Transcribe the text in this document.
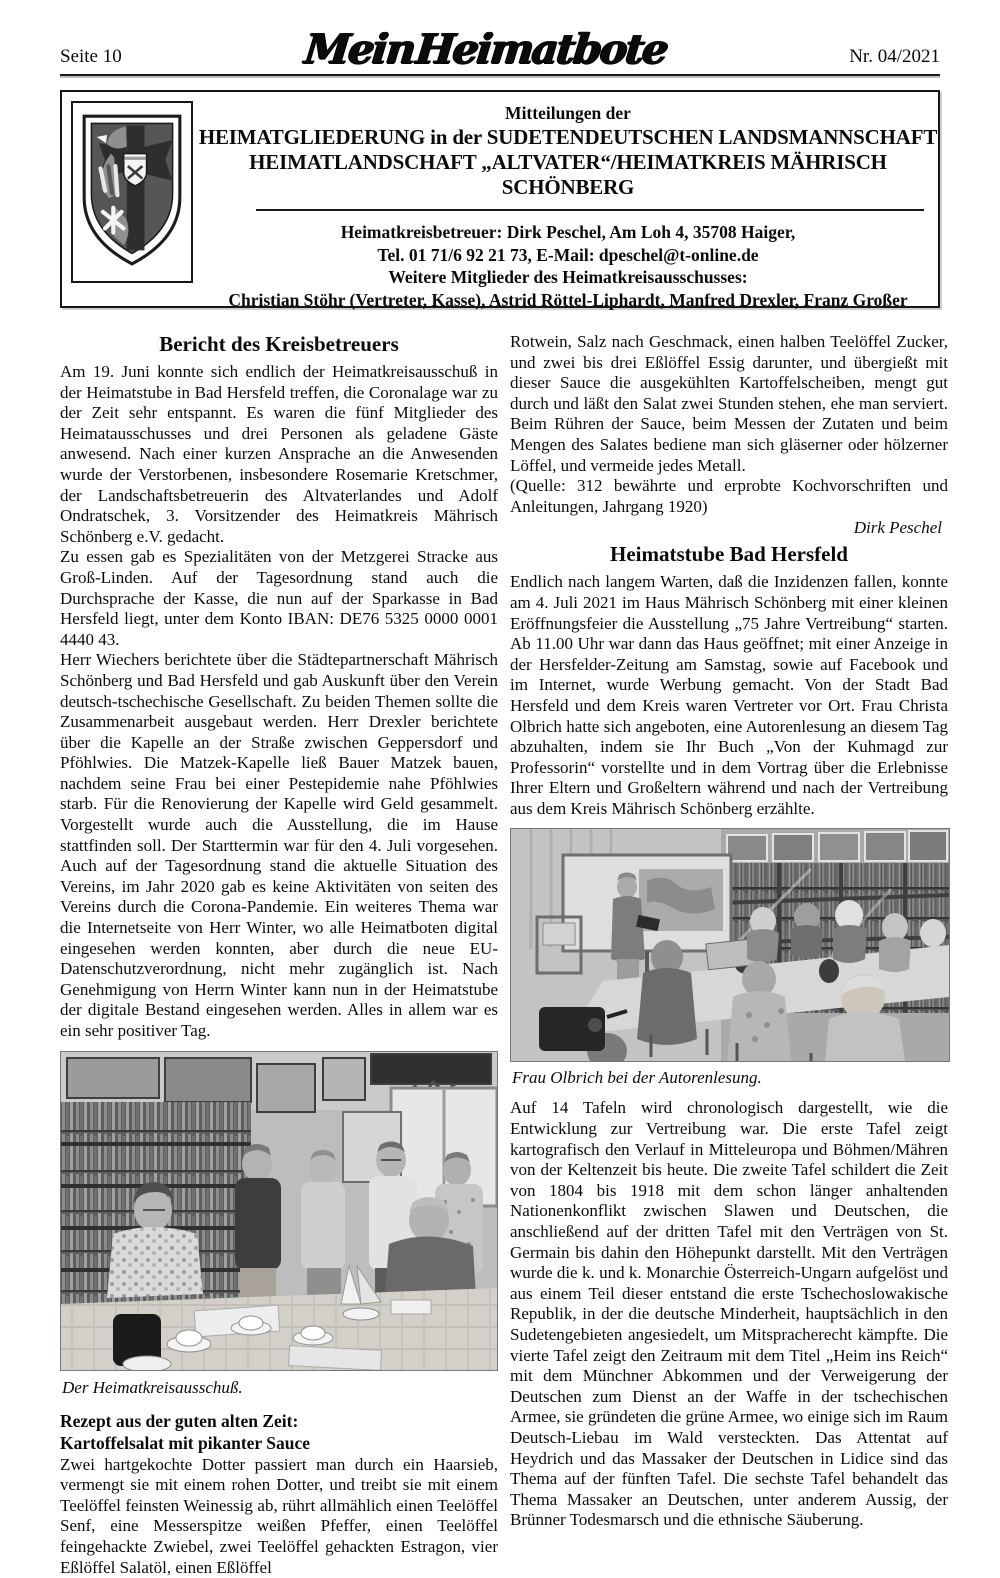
Seite 10	Mein Heimatbote	Nr. 04/2021
Mitteilungen der
HEIMATGLIEDERUNG in der SUDETENDEUTSCHEN LANDSMANNSCHAFT
HEIMATLANDSCHAFT „ALTVATER“/HEIMATKREIS MÄHRISCH SCHÖNBERG
Heimatkreisbetreuer: Dirk Peschel, Am Loh 4, 35708 Haiger,
Tel. 01 71/6 92 21 73, E-Mail: dpeschel@t-online.de
Weitere Mitglieder des Heimatkreisausschusses:
Christian Stöhr (Vertreter, Kasse), Astrid Röttel-Liphardt, Manfred Drexler, Franz Großer
Bericht des Kreisbetreuers

Am 19. Juni konnte sich endlich der Heimatkreisausschuß in der Heimatstube in Bad Hersfeld treffen, die Coronalage war zu der Zeit sehr entspannt. Es waren die fünf Mitglieder des Heimatausschusses und drei Personen als geladene Gäste anwesend. Nach einer kurzen Ansprache an die Anwesenden wurde der Verstorbenen, insbesondere Rosemarie Kretschmer, der Landschaftsbetreuerin des Altvaterlandes und Adolf Ondratschek, 3. Vorsitzender des Heimatkreis Mährisch Schönberg e.V. gedacht.

Zu essen gab es Spezialitäten von der Metzgerei Stracke aus Groß-Linden. Auf der Tagesordnung stand auch die Durchsprache der Kasse, die nun auf der Sparkasse in Bad Hersfeld liegt, unter dem Konto IBAN: DE76 5325 0000 0001 4440 43.

Herr Wiechers berichtete über die Städtepartnerschaft Mährisch Schönberg und Bad Hersfeld und gab Auskunft über den Verein deutsch-tschechische Gesellschaft. Zu beiden Themen sollte die Zusammenarbeit ausgebaut werden. Herr Drexler berichtete über die Kapelle an der Straße zwischen Geppersdorf und Pföhlwies. Die Matzek-Kapelle ließ Bauer Matzek bauen, nachdem seine Frau bei einer Pestepidemie nahe Pföhlwies starb. Für die Renovierung der Kapelle wird Geld gesammelt. Vorgestellt wurde auch die Ausstellung, die im Hause stattfinden soll. Der Starttermin war für den 4. Juli vorgesehen. Auch auf der Tagesordnung stand die aktuelle Situation des Vereins, im Jahr 2020 gab es keine Aktivitäten von seiten des Vereins durch die Corona-Pandemie. Ein weiteres Thema war die Internetseite von Herr Winter, wo alle Heimatboten digital eingesehen werden konnten, aber durch die neue EU-Datenschutzverordnung, nicht mehr zugänglich ist. Nach Genehmigung von Herrn Winter kann nun in der Heimatstube der digitale Bestand eingesehen werden. Alles in allem war es ein sehr positiver Tag.

Der Heimatkreisausschuß.

Rezept aus der guten alten Zeit:

Kartoffelsalat mit pikanter Sauce

Zwei hartgekochte Dotter passiert man durch ein Haarsieb, vermengt sie mit einem rohen Dotter, und treibt sie mit einem Teelöffel feinsten Weinessig ab, rührt allmählich einen Teelöffel Senf, eine Messerspitze weißen Pfeffer, einen Teelöffel feingehackte Zwiebel, zwei Teelöffel gehackten Estragon, vier Eßlöffel Salatöl, einen Eßlöffel

Rotwein, Salz nach Geschmack, einen halben Teelöffel Zucker, und zwei bis drei Eßlöffel Essig darunter, und übergießt mit dieser Sauce die ausgekühlten Kartoffelscheiben, mengt gut durch und läßt den Salat zwei Stunden stehen, ehe man serviert. Beim Rühren der Sauce, beim Messen der Zutaten und beim Mengen des Salates bediene man sich gläserner oder hölzerner Löffel, und vermeide jedes Metall.

(Quelle: 312 bewährte und erprobte Kochvorschriften und Anleitungen, Jahrgang 1920)

Dirk Peschel
Heimatstube Bad Hersfeld

Endlich nach langem Warten, daß die Inzidenzen fallen, konnte am 4. Juli 2021 im Haus Mährisch Schönberg mit einer kleinen Eröffnungsfeier die Ausstellung „75 Jahre Vertreibung“ starten. Ab 11.00 Uhr war dann das Haus geöffnet; mit einer Anzeige in der Hersfelder-Zeitung am Samstag, sowie auf Facebook und im Internet, wurde Werbung gemacht. Von der Stadt Bad Hersfeld und dem Kreis waren Vertreter vor Ort. Frau Christa Olbrich hatte sich angeboten, eine Autorenlesung an diesem Tag abzuhalten, indem sie Ihr Buch „Von der Kuhmagd zur Professorin“ vorstellte und in dem Vortrag über die Erlebnisse Ihrer Eltern und Großeltern während und nach der Vertreibung aus dem Kreis Mährisch Schönberg erzählte.

Frau Olbrich bei der Autorenlesung.

Auf 14 Tafeln wird chronologisch dargestellt, wie die Entwicklung zur Vertreibung war. Die erste Tafel zeigt kartografisch den Verlauf in Mitteleuropa und Böhmen/Mähren von der Keltenzeit bis heute. Die zweite Tafel schildert die Zeit von 1804 bis 1918 mit dem schon länger anhaltenden Nationenkonflikt zwischen Slawen und Deutschen, die anschließend auf der dritten Tafel mit den Verträgen von St. Germain bis dahin den Höhepunkt darstellt. Mit den Verträgen wurde die k. und k. Monarchie Österreich-Ungarn aufgelöst und aus einem Teil dieser entstand die erste Tschechoslowakische Republik, in der die deutsche Minderheit, hauptsächlich in den Sudetengebieten angesiedelt, um Mitspracherecht kämpfte. Die vierte Tafel zeigt den Zeitraum mit dem Titel „Heim ins Reich“ mit dem Münchner Abkommen und der Verweigerung der Deutschen zum Dienst an der Waffe in der tschechischen Armee, sie gründeten die grüne Armee, wo einige sich im Raum Deutsch-Liebau im Wald versteckten. Das Attentat auf Heydrich und das Massaker der Deutschen in Lidice sind das Thema auf der fünften Tafel. Die sechste Tafel behandelt das Thema Massaker an Deutschen, unter anderem Aussig, der Brünner Todesmarsch und die ethnische Säuberung.
